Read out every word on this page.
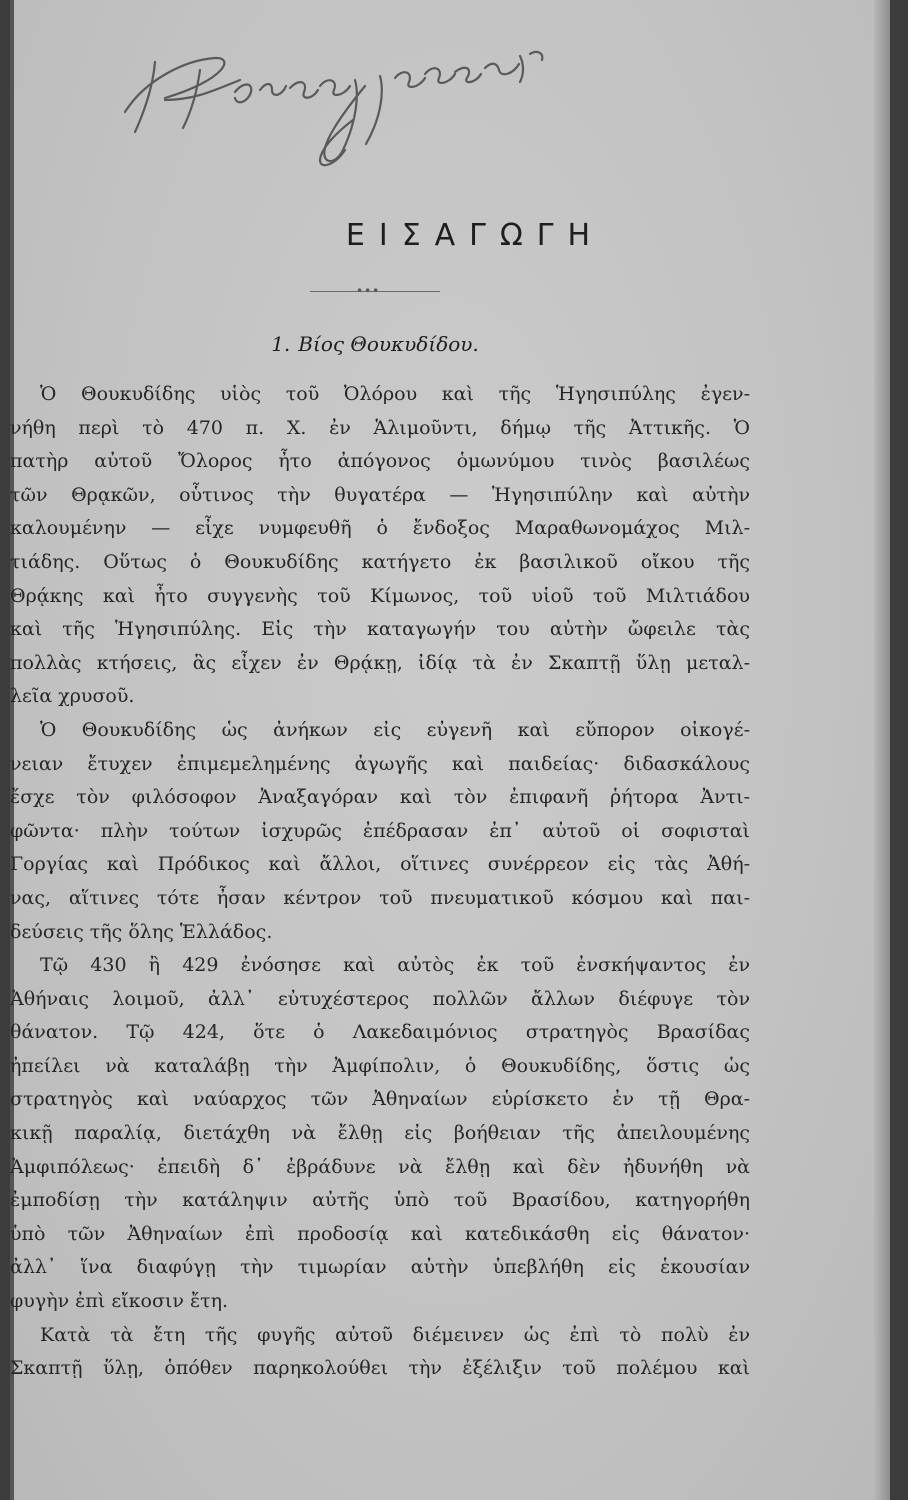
Πρωτοπαπαδάκης
ΕΙΣΑΓΩΓΗ
•••
1. Βίος Θουκυδίδου.
Ὁ Θουκυδίδης υἱὸς τοῦ Ὀλόρου καὶ τῆς Ἡγησιπύλης ἐγεν-
νήθη περὶ τὸ 470 π. Χ. ἐν Ἁλιμοῦντι, δήμῳ τῆς Ἀττικῆς. Ὁ
πατὴρ αὐτοῦ Ὄλορος ἦτο ἀπόγονος ὁμωνύμου τινὸς βασιλέως
τῶν Θρᾳκῶν, οὗτινος τὴν θυγατέρα — Ἡγησιπύλην καὶ αὐτὴν
καλουμένην — εἶχε νυμφευθῆ ὁ ἔνδοξος Μαραθωνομάχος Μιλ-
τιάδης. Οὕτως ὁ Θουκυδίδης κατήγετο ἐκ βασιλικοῦ οἴκου τῆς
Θρᾴκης καὶ ἦτο συγγενὴς τοῦ Κίμωνος, τοῦ υἱοῦ τοῦ Μιλτιάδου
καὶ τῆς Ἡγησιπύλης. Εἰς τὴν καταγωγήν του αὐτὴν ὤφειλε τὰς
πολλὰς κτήσεις, ἃς εἶχεν ἐν Θρᾴκῃ, ἰδίᾳ τὰ ἐν Σκαπτῇ ὕλῃ μεταλ-
λεῖα χρυσοῦ.
Ὁ Θουκυδίδης ὡς ἀνήκων εἰς εὐγενῆ καὶ εὔπορον οἰκογέ-
νειαν ἔτυχεν ἐπιμεμελημένης ἀγωγῆς καὶ παιδείας· διδασκάλους
ἔσχε τὸν φιλόσοφον Ἀναξαγόραν καὶ τὸν ἐπιφανῆ ῥήτορα Ἀντι-
φῶντα· πλὴν τούτων ἰσχυρῶς ἐπέδρασαν ἐπ᾽ αὐτοῦ οἱ σοφισταὶ
Γοργίας καὶ Πρόδικος καὶ ἄλλοι, οἵτινες συνέρρεον εἰς τὰς Ἀθή-
νας, αἵτινες τότε ἦσαν κέντρον τοῦ πνευματικοῦ κόσμου καὶ παι-
δεύσεις τῆς ὅλης Ἑλλάδος.
Τῷ 430 ἢ 429 ἐνόσησε καὶ αὐτὸς ἐκ τοῦ ἐνσκήψαντος ἐν
Ἀθήναις λοιμοῦ, ἀλλ᾽ εὐτυχέστερος πολλῶν ἄλλων διέφυγε τὸν
θάνατον. Τῷ 424, ὅτε ὁ Λακεδαιμόνιος στρατηγὸς Βρασίδας
ἠπείλει νὰ καταλάβῃ τὴν Ἀμφίπολιν, ὁ Θουκυδίδης, ὅστις ὡς
στρατηγὸς καὶ ναύαρχος τῶν Ἀθηναίων εὑρίσκετο ἐν τῇ Θρα-
κικῇ παραλίᾳ, διετάχθη νὰ ἔλθῃ εἰς βοήθειαν τῆς ἀπειλουμένης
Ἀμφιπόλεως· ἐπειδὴ δ᾽ ἐβράδυνε νὰ ἔλθῃ καὶ δὲν ἠδυνήθη νὰ
ἐμποδίσῃ τὴν κατάληψιν αὐτῆς ὑπὸ τοῦ Βρασίδου, κατηγορήθη
ὑπὸ τῶν Ἀθηναίων ἐπὶ προδοσίᾳ καὶ κατεδικάσθη εἰς θάνατον·
ἀλλ᾽ ἵνα διαφύγῃ τὴν τιμωρίαν αὐτὴν ὑπεβλήθη εἰς ἑκουσίαν
φυγὴν ἐπὶ εἴκοσιν ἔτη.
Κατὰ τὰ ἔτη τῆς φυγῆς αὐτοῦ διέμεινεν ὡς ἐπὶ τὸ πολὺ ἐν
Σκαπτῇ ὕλῃ, ὁπόθεν παρηκολούθει τὴν ἐξέλιξιν τοῦ πολέμου καὶ
